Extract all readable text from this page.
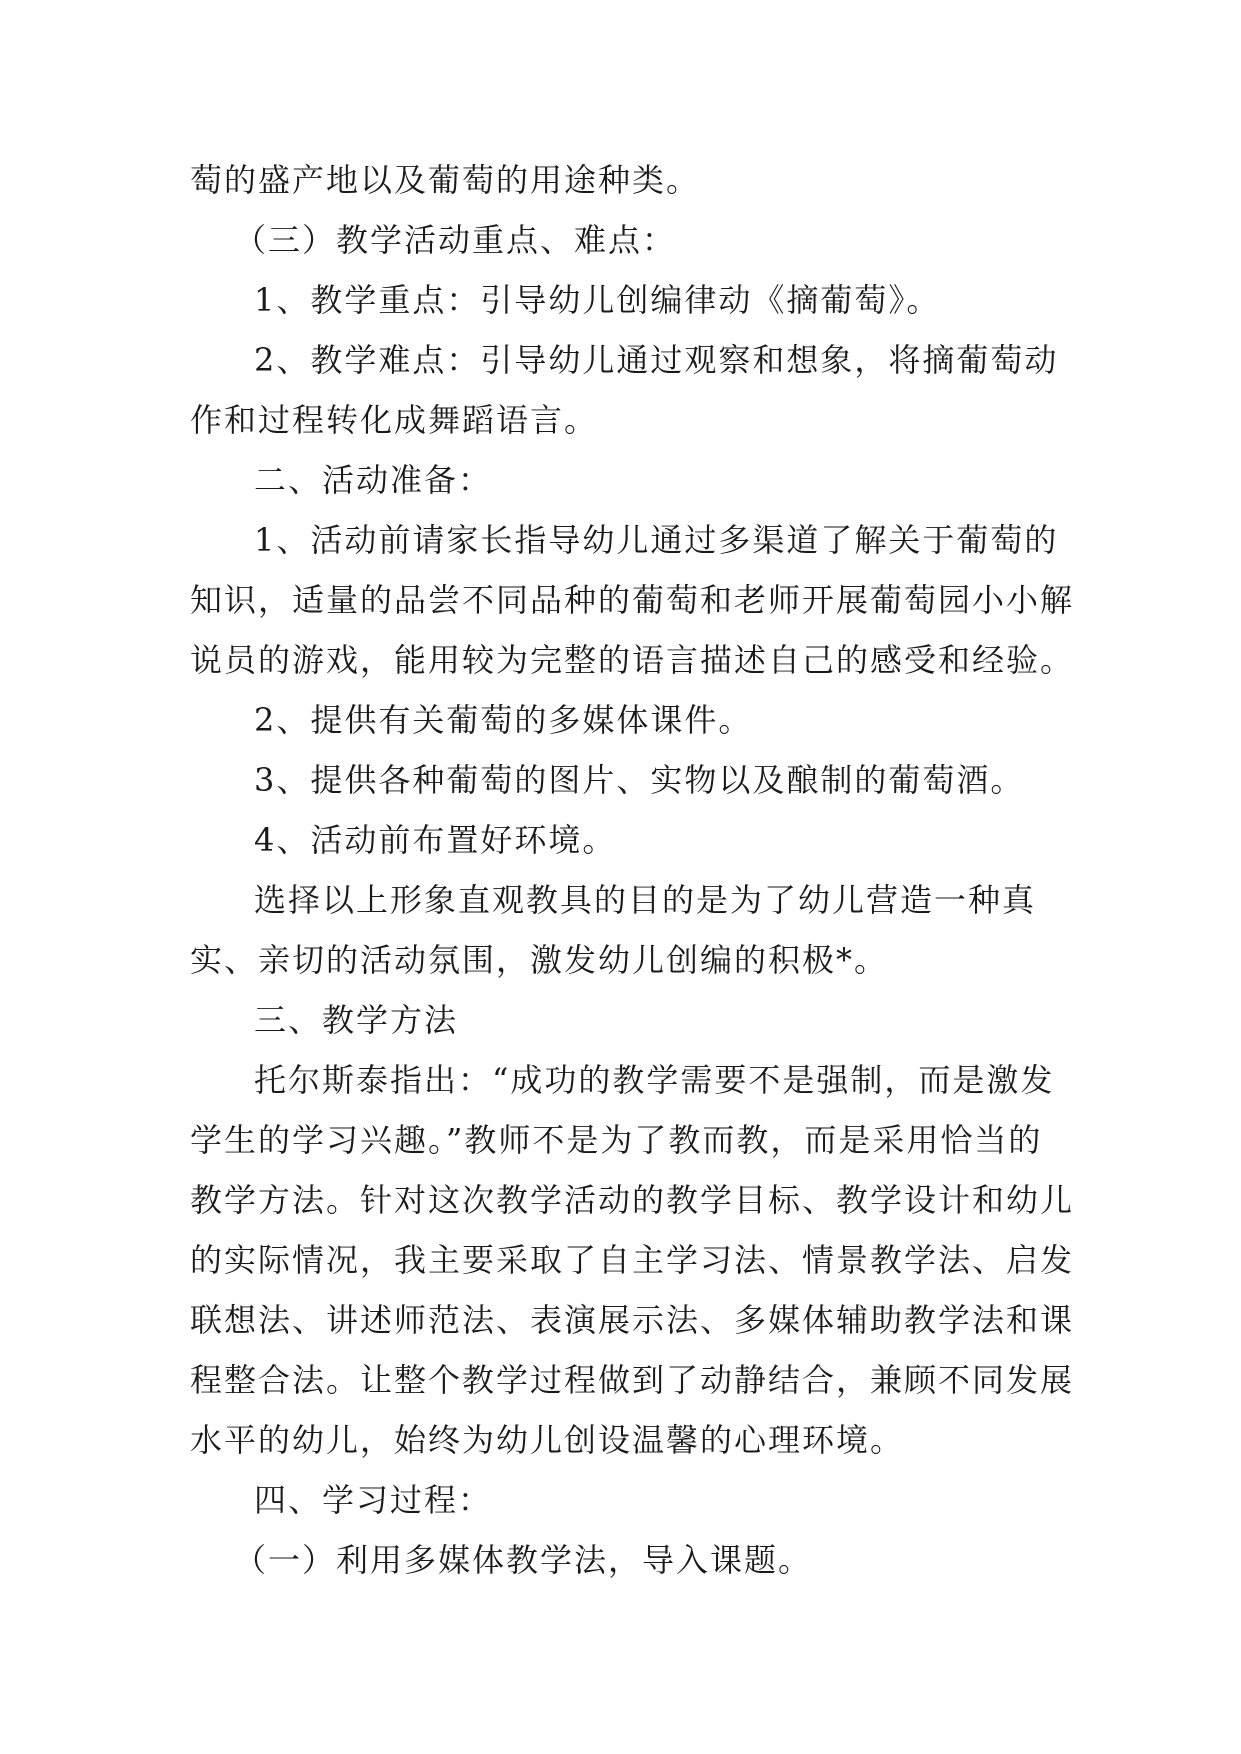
萄的盛产地以及葡萄的用途种类。
（三）教学活动重点、难点：
1、教学重点：引导幼儿创编律动《摘葡萄》。
2、教学难点：引导幼儿通过观察和想象，将摘葡萄动
作和过程转化成舞蹈语言。
二、活动准备：
1、活动前请家长指导幼儿通过多渠道了解关于葡萄的
知识，适量的品尝不同品种的葡萄和老师开展葡萄园小小解
说员的游戏，能用较为完整的语言描述自己的感受和经验。
2、提供有关葡萄的多媒体课件。
3、提供各种葡萄的图片、实物以及酿制的葡萄酒。
4、活动前布置好环境。
选择以上形象直观教具的目的是为了幼儿营造一种真
实、亲切的活动氛围，激发幼儿创编的积极*。
三、教学方法
托尔斯泰指出：“成功的教学需要不是强制，而是激发
学生的学习兴趣。”教师不是为了教而教，而是采用恰当的
教学方法。针对这次教学活动的教学目标、教学设计和幼儿
的实际情况，我主要采取了自主学习法、情景教学法、启发
联想法、讲述师范法、表演展示法、多媒体辅助教学法和课
程整合法。让整个教学过程做到了动静结合，兼顾不同发展
水平的幼儿，始终为幼儿创设温馨的心理环境。
四、学习过程：
（一）利用多媒体教学法，导入课题。
